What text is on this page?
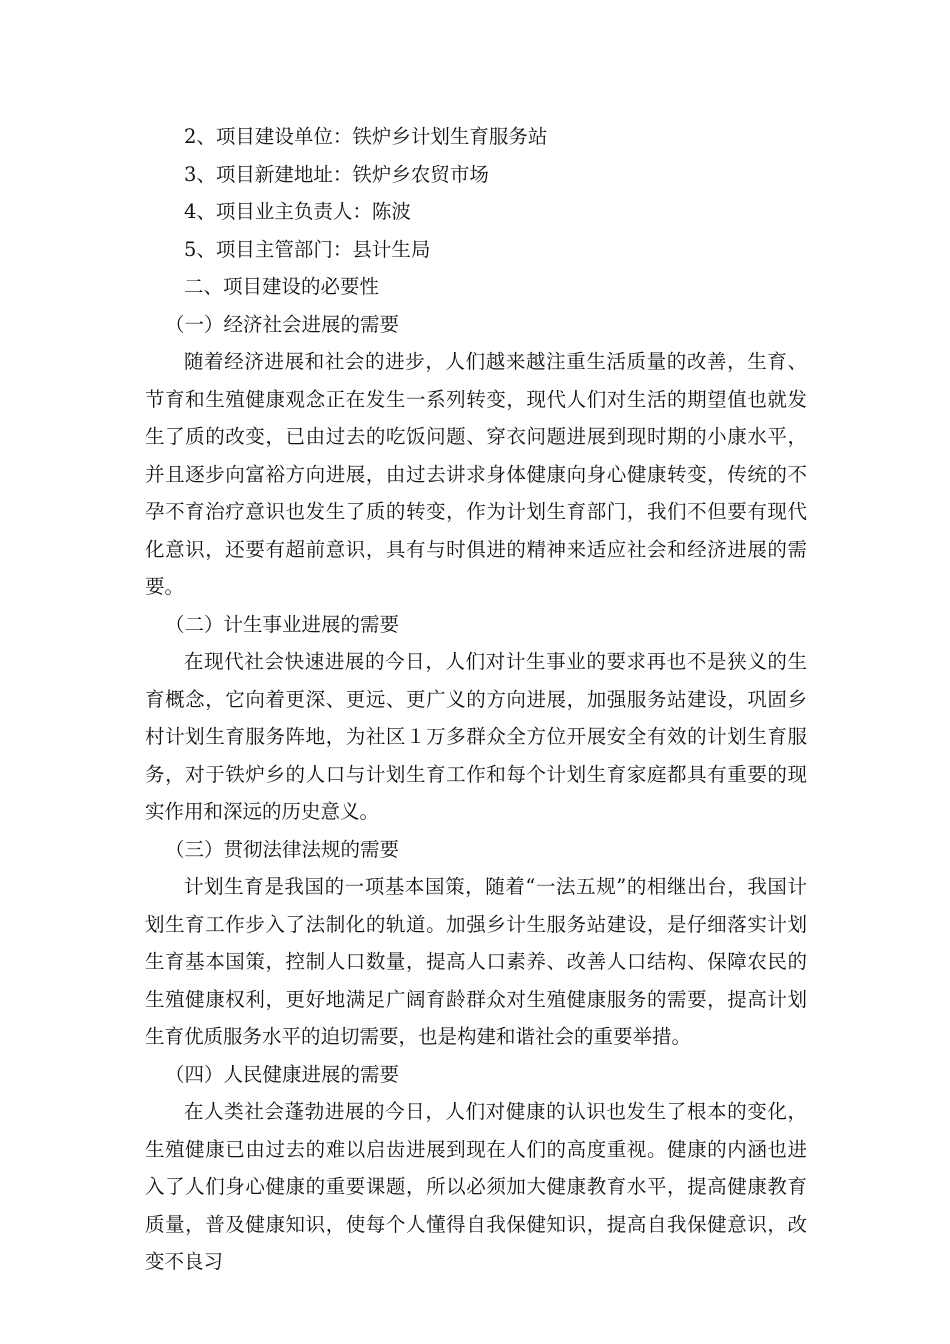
2、项目建设单位：铁炉乡计划生育服务站

3、项目新建地址：铁炉乡农贸市场

4、项目业主负责人：陈波

5、项目主管部门：县计生局

二、项目建设的必要性

（一）经济社会进展的需要

随着经济进展和社会的进步，人们越来越注重生活质量的改善，生育、节育和生殖健康观念正在发生一系列转变，现代人们对生活的期望值也就发生了质的改变，已由过去的吃饭问题、穿衣问题进展到现时期的小康水平，并且逐步向富裕方向进展，由过去讲求身体健康向身心健康转变，传统的不孕不育治疗意识也发生了质的转变，作为计划生育部门，我们不但要有现代化意识，还要有超前意识，具有与时俱进的精神来适应社会和经济进展的需要。

（二）计生事业进展的需要

在现代社会快速进展的今日，人们对计生事业的要求再也不是狭义的生育概念，它向着更深、更远、更广义的方向进展，加强服务站建设，巩固乡村计划生育服务阵地，为社区１万多群众全方位开展安全有效的计划生育服务，对于铁炉乡的人口与计划生育工作和每个计划生育家庭都具有重要的现实作用和深远的历史意义。

（三）贯彻法律法规的需要

计划生育是我国的一项基本国策，随着“一法五规”的相继出台，我国计划生育工作步入了法制化的轨道。加强乡计生服务站建设，是仔细落实计划生育基本国策，控制人口数量，提高人口素养、改善人口结构、保障农民的生殖健康权利，更好地满足广阔育龄群众对生殖健康服务的需要，提高计划生育优质服务水平的迫切需要，也是构建和谐社会的重要举措。

（四）人民健康进展的需要

在人类社会蓬勃进展的今日，人们对健康的认识也发生了根本的变化，生殖健康已由过去的难以启齿进展到现在人们的高度重视。健康的内涵也进入了人们身心健康的重要课题，所以必须加大健康教育水平，提高健康教育质量，普及健康知识，使每个人懂得自我保健知识，提高自我保健意识，改变不良习
